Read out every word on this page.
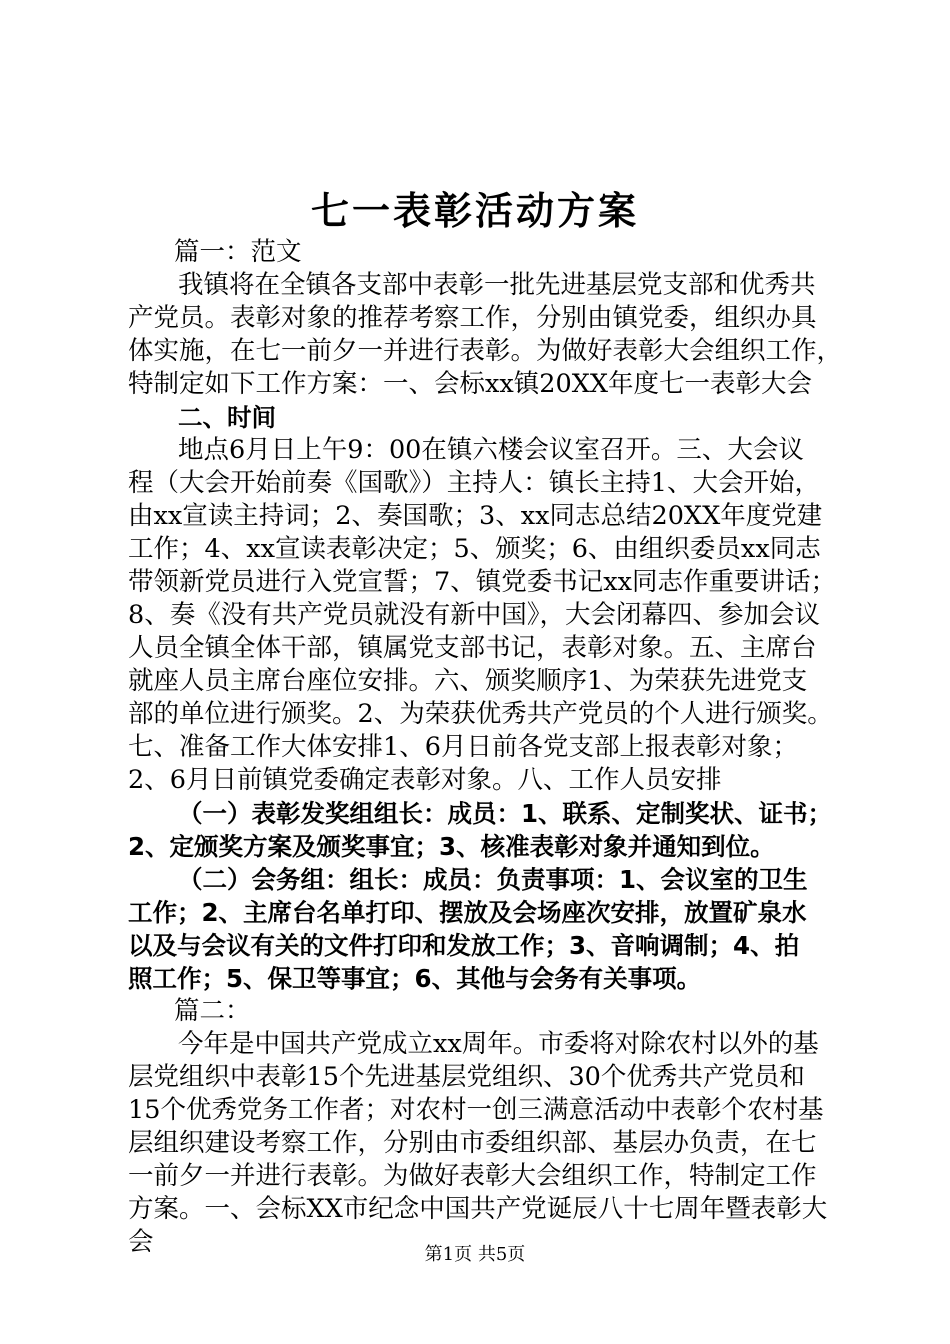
七一表彰活动方案
篇一：范文
我镇将在全镇各支部中表彰一批先进基层党支部和优秀共
产党员。表彰对象的推荐考察工作，分别由镇党委，组织办具
体实施，在七一前夕一并进行表彰。为做好表彰大会组织工作，
特制定如下工作方案：一、会标xx镇20XX年度七一表彰大会
二、时间
地点6月日上午9：00在镇六楼会议室召开。三、大会议
程（大会开始前奏《国歌》）主持人：镇长主持1、大会开始，
由xx宣读主持词；2、奏国歌；3、xx同志总结20XX年度党建
工作；4、xx宣读表彰决定；5、颁奖；6、由组织委员xx同志
带领新党员进行入党宣誓；7、镇党委书记xx同志作重要讲话；
8、奏《没有共产党员就没有新中国》，大会闭幕四、参加会议
人员全镇全体干部，镇属党支部书记，表彰对象。五、主席台
就座人员主席台座位安排。六、颁奖顺序1、为荣获先进党支
部的单位进行颁奖。2、为荣获优秀共产党员的个人进行颁奖。
七、准备工作大体安排1、6月日前各党支部上报表彰对象；
2、6月日前镇党委确定表彰对象。八、工作人员安排
（一）表彰发奖组组长：成员：1、联系、定制奖状、证书；
2、定颁奖方案及颁奖事宜；3、核准表彰对象并通知到位。
（二）会务组：组长：成员：负责事项：1、会议室的卫生
工作；2、主席台名单打印、摆放及会场座次安排，放置矿泉水
以及与会议有关的文件打印和发放工作；3、音响调制；4、拍
照工作；5、保卫等事宜；6、其他与会务有关事项。
篇二：
今年是中国共产党成立xx周年。市委将对除农村以外的基
层党组织中表彰15个先进基层党组织、30个优秀共产党员和
15个优秀党务工作者；对农村一创三满意活动中表彰个农村基
层组织建设考察工作，分别由市委组织部、基层办负责，在七
一前夕一并进行表彰。为做好表彰大会组织工作，特制定工作
方案。一、会标XX市纪念中国共产党诞辰八十七周年暨表彰大
会	第1页 共5页
